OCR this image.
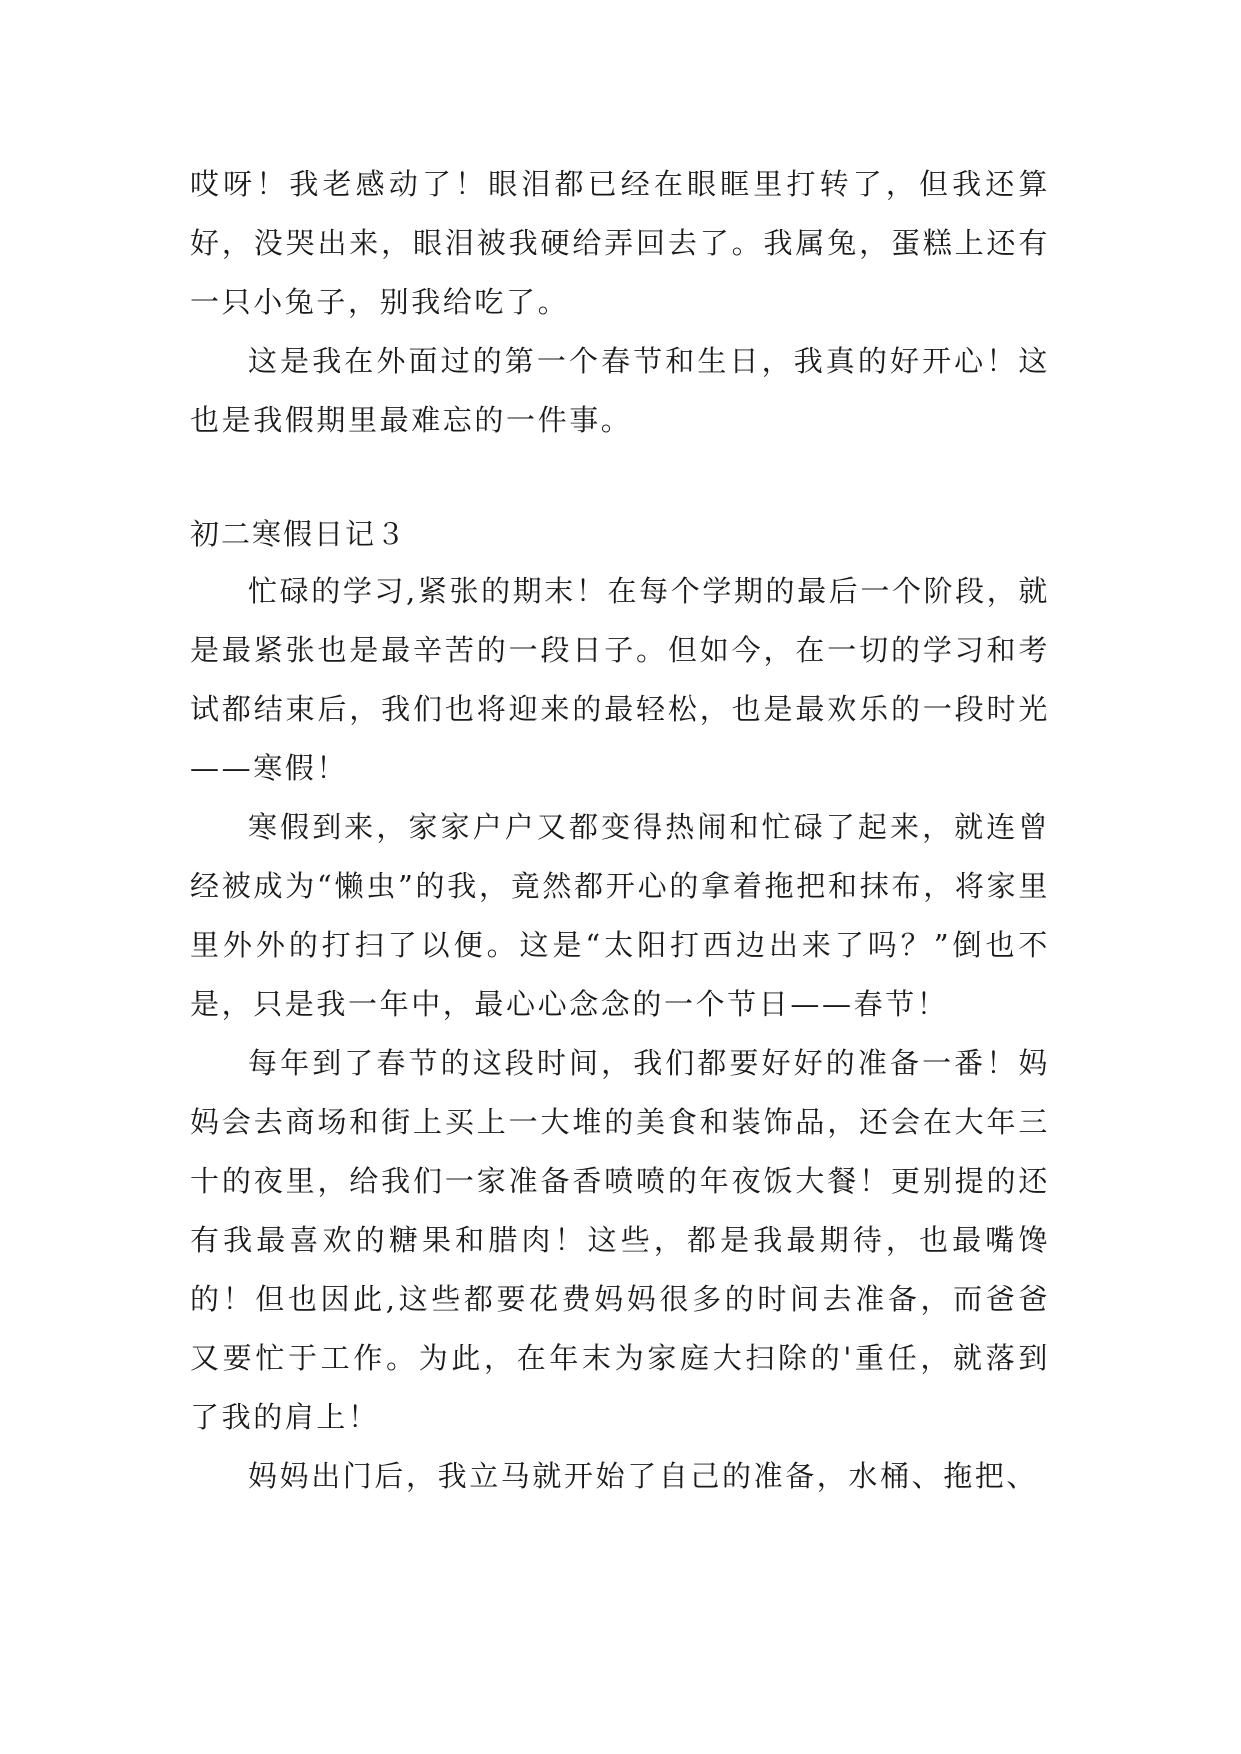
哎呀！我老感动了！眼泪都已经在眼眶里打转了，但我还算好，没哭出来，眼泪被我硬给弄回去了。我属兔，蛋糕上还有一只小兔子，别我给吃了。

这是我在外面过的第一个春节和生日，我真的好开心！这也是我假期里最难忘的一件事。

初二寒假日记３

忙碌的学习,紧张的期末！在每个学期的最后一个阶段，就是最紧张也是最辛苦的一段日子。但如今，在一切的学习和考试都结束后，我们也将迎来的最轻松，也是最欢乐的一段时光——寒假！

寒假到来，家家户户又都变得热闹和忙碌了起来，就连曾经被成为“懒虫”的我，竟然都开心的拿着拖把和抹布，将家里里外外的打扫了以便。这是“太阳打西边出来了吗？”倒也不是，只是我一年中，最心心念念的一个节日——春节！

每年到了春节的这段时间，我们都要好好的准备一番！妈妈会去商场和街上买上一大堆的美食和装饰品，还会在大年三十的夜里，给我们一家准备香喷喷的年夜饭大餐！更别提的还有我最喜欢的糖果和腊肉！这些，都是我最期待，也最嘴馋的！但也因此,这些都要花费妈妈很多的时间去准备，而爸爸又要忙于工作。为此，在年末为家庭大扫除的'重任，就落到了我的肩上！

妈妈出门后，我立马就开始了自己的准备，水桶、拖把、
